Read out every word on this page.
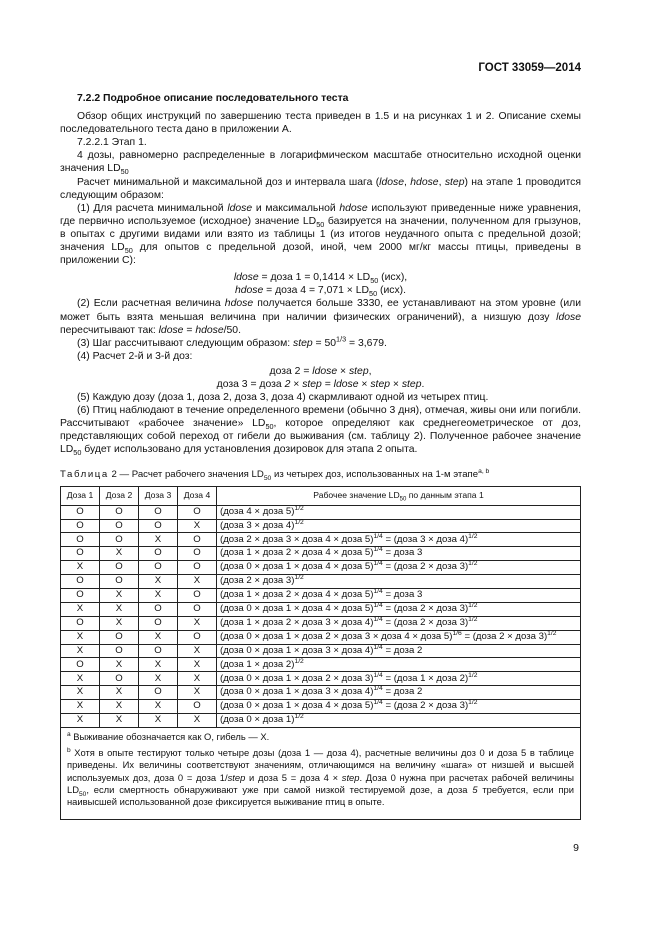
ГОСТ 33059—2014

7.2.2 Подробное описание последовательного теста

Обзор общих инструкций по завершению теста приведен в 1.5 и на рисунках 1 и 2. Описание схемы последовательного теста дано в приложении А.

7.2.2.1 Этап 1.

4 дозы, равномерно распределенные в логарифмическом масштабе относительно исходной оценки значения $LD_{50}$

Расчет минимальной и максимальной доз и интервала шага (ldose, hdose, step) на этапе 1 проводится следующим образом:

(1) Для расчета минимальной ldose и максимальной hdose используют приведенные ниже уравнения, где первично используемое (исходное) значение $LD_{50}$ базируется на значении, полученном для грызунов, в опытах с другими видами или взято из таблицы 1 (из итогов неудачного опыта с предельной дозой; значения $LD_{50}$ для опытов с предельной дозой, иной, чем 2000 мг/кг массы птицы, приведены в приложении С):

ldose = доза $1 = 0,1414 \times LD_{50}$ (исх),

hdose = доза $4 = 7,071 \times LD_{50}$ (исх).

(2) Если расчетная величина hdose получается больше 3330, ее устанавливают на этом уровне (или может быть взята меньшая величина при наличии физических ограничений), а низшую дозу ldose пересчитывают так: ldose = hdose/50.

(3) Шаг рассчитывают следующим образом: step = $50^{1/3} = 3,679$.

(4) Расчет 2-й и 3-й доз:

доза 2 = ldose × step,

доза 3 = доза 2 × step = ldose × step × step.

(5) Каждую дозу (доза 1, доза 2, доза 3, доза 4) скармливают одной из четырех птиц.

(6) Птиц наблюдают в течение определенного времени (обычно 3 дня), отмечая, живы они или погибли. Рассчитывают «рабочее значение» $LD_{50}$, которое определяют как среднегеометрическое от доз, представляющих собой переход от гибели до выживания (см. таблицу 2). Полученное рабочее значение $LD_{50}$ будет использовано для установления дозировок для этапа 2 опыта.

Таблица 2 — Расчет рабочего значения $LD_{50}$ из четырех доз, использованных на 1-м этапе$^{a, b}$

Доза 1	Доза 2	Доза 3	Доза 4	Рабочее значение $LD_{50}$ по данным этапа 1
O	O	O	O	(доза 4 × доза 5)$^{1/2}$
O	O	O	X	(доза 3 × доза 4)$^{1/2}$
O	O	X	O	(доза 2 × доза 3 × доза 4 × доза 5)$^{1/4}$ = (доза 3 × доза 4)$^{1/2}$
O	X	O	O	(доза 1 × доза 2 × доза 4 × доза 5)$^{1/4}$ = доза 3
X	O	O	O	(доза 0 × доза 1 × доза 4 × доза 5)$^{1/4}$ = (доза 2 × доза 3)$^{1/2}$
O	O	X	X	(доза 2 × доза 3)$^{1/2}$
O	X	X	O	(доза 1 × доза 2 × доза 4 × доза 5)$^{1/4}$ = доза 3
X	X	O	O	(доза 0 × доза 1 × доза 4 × доза 5)$^{1/4}$ = (доза 2 × доза 3)$^{1/2}$
O	X	O	X	(доза 1 × доза 2 × доза 3 × доза 4)$^{1/4}$ = (доза 2 × доза 3)$^{1/2}$
X	O	X	O	(доза 0 × доза 1 × доза 2 × доза 3 × доза 4 × доза 5)$^{1/6}$ = (доза 2 × доза 3)$^{1/2}$
X	O	O	X	(доза 0 × доза 1 × доза 3 × доза 4)$^{1/4}$ = доза 2
O	X	X	X	(доза 1 × доза 2)$^{1/2}$
X	O	X	X	(доза 0 × доза 1 × доза 2 × доза 3)$^{1/4}$ = (доза 1 × доза 2)$^{1/2}$
X	X	O	X	(доза 0 × доза 1 × доза 3 × доза 4)$^{1/4}$ = доза 2
X	X	X	O	(доза 0 × доза 1 × доза 4 × доза 5)$^{1/4}$ = (доза 2 × доза 3)$^{1/2}$
X	X	X	X	(доза 0 × доза 1)$^{1/2}$

$^a$ Выживание обозначается как О, гибель — Х.

$^b$ Хотя в опыте тестируют только четыре дозы (доза 1 — доза 4), расчетные величины доз 0 и доза 5 в таблице приведены. Их величины соответствуют значениям, отличающимся на величину «шага» от низшей и высшей используемых доз, доза 0 = доза 1/step и доза 5 = доза 4 × step. Доза 0 нужна при расчетах рабочей величины $LD_{50}$, если смертность обнаруживают уже при самой низкой тестируемой дозе, а доза 5 требуется, если при наивысшей использованной дозе фиксируется выживание птиц в опыте.				

9
